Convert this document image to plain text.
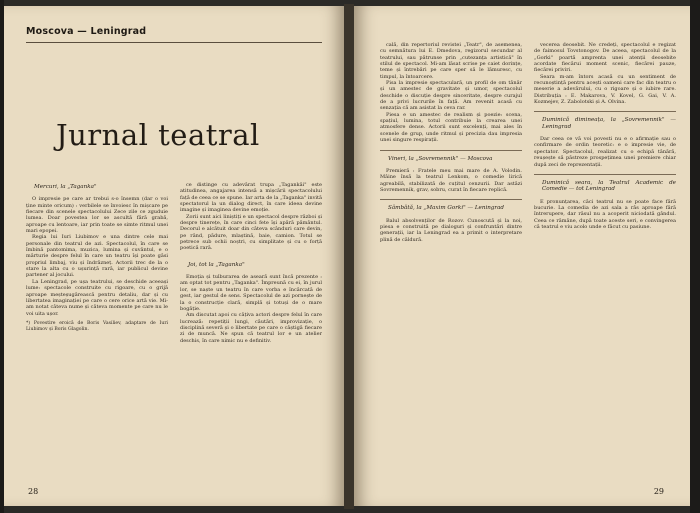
Moscova — Leningrad
Jurnal teatral
Mercuri, la „Taganka"

O impresie pe care ar trebui s-o însemn (dar o voi ține minte oricum) : verbilele se învoiesc în mișcare pe fiecare din scenele spectacolului Zece zile ce zguduie lumea. Doar povestea lor se ascultă fără grabă, aproape cu lentoare, iar prin toate se simte ritmul unei mari epopei.

Regia lui Iuri Liubimov e una dintre cele mai personale din teatrul de azi. Spectacolul, în care se îmbină pantomima, muzica, lumina și cuvântul, e o mărturie despre felul în care un teatru își poate găsi propriul limbaj, viu și îndrăzneț. Actorii trec de la o stare la alta cu o ușurință rară, iar publicul devine partener al jocului.

La Leningrad, pe ușa teatrului, se deschide aceeași lume: spectacole construite cu rigoare, cu o grijă aproape meșteșugărească pentru detaliu, dar și cu libertatea imaginației pe care o cere orice artă vie. Mi-am notat câteva nume și câteva momente pe care nu le voi uita ușor.

*) Povestire eroică de Boris Vasiliev, adaptare de Iuri Liubimov și Boris Glagolin.

ce distinge cu adevărat trupa „Tagankăi" este atitudinea, angajarea intensă a mișcării spectacolului față de ceea ce se spune. Iar arta de la „Taganka" invită spectatorul la un dialog direct, în care ideea devine imagine și imaginea devine emoție.

Zorii sunt aici liniștiți e un spectacol despre război și despre tinerețe, în care cinci fete își apără pământul. Decorul e alcătuit doar din câteva scânduri care devin, pe rând, pădure, mlaștină, baie, camion. Totul se petrece sub ochii noștri, cu simplitate și cu o forță poetică rară.

Joi, tot la „Taganka"

Emoția și tulburarea de aseară sunt încă prezente : am optat tot pentru „Taganka". Împreună cu ei, în jurul lor, se naște un teatru în care vorba e încărcată de gest, iar gestul de sens. Spectacolul de azi pornește de la o construcție clară, simplă și totuși de o mare bogăție.

Am discutat apoi cu câțiva actori despre felul în care lucrează: repetiții lungi, căutări, improvizație, o disciplină severă și o libertate pe care o câștigă fiecare zi de muncă. Ne spun că teatrul lor e un atelier deschis, în care nimic nu e definitiv.

28

cală, din repertoriul revistei „Teatr", de asemenea, cu semnătura lui E. Dmedova, regizorul secundar al teatrului, sau pătrunse prin „cutezanța artistică" în stilul de spectacol. Mi-am lăsat scrise pe caiet dorințe, teme și întrebări pe care sper să le lămuresc, cu timpul, la întoarcere.

Pisa la impresie spectaculară, un profil de om tânăr și un amestec de gravitate și umor, spectacolul deschide o discuție despre sinceritate, despre curajul de a privi lucrurile în față. Am revenit acasă cu senzația că am asistat la ceva rar.

Piesa e un amestec de realism și poezie: scena, spațiul, lumina, totul contribuie la crearea unei atmosfere dense. Actorii sunt excelenți, mai ales în scenele de grup, unde ritmul și precizia dau impresia unei singure respirații.

Vineri, la „Sovremennik" — Moscova

Premieră : Fratele meu mai mare de A. Volodin. Mâine însă la teatrul Lenkom, o comedie lirică agreabilă, stabilizată de cuțitul cenzurii. Dar astăzi Sovremennik, grav, sobru, curat în fiecare replică.

Sâmbătă, la „Maxim Gorki" — Leningrad

Balul absolvenților de Rozov. Cunoscută și la noi, piesa e construită pe dialoguri și confruntări dintre generații, iar la Leningrad ea a primit o interpretare plină de căldură.

vecerea deosebit. Ne credeți, spectacolul e regizat de faimosul Tovstonogov. De aceea, spectacolul de la „Gorki" poartă amprenta unei atenții deosebite acordate fiecărui moment scenic, fiecărei pauze, fiecărei priviri.

Seara m-am întors acasă cu un sentiment de recunoștință pentru acești oameni care fac din teatru o meserie a adevărului, cu o rigoare și o iubire rare. Distribuția : E. Makarova, V. Kovel, G. Gai, V. A. Kozmejev, Z. Zabolotski și A. Olvina.

Duminică dimineața, la „Sovremennik" — Leningrad

Dar ceea ce vă voi povesti nu e o afirmație sau o confirmare de ordin teoretic: e o impresie vie, de spectator. Spectacolul, realizat cu o echipă tânără, reușește să păstreze prospețimea unei premiere chiar după zeci de reprezentații.

Duminică seara, la Teatrul Academic de Comedie — tot Leningrad

E pronunțarea, căci teatrul nu se poate face fără bucurie. La comedia de azi sala a râs aproape fără întrerupere, dar râsul nu a acoperit niciodată gândul. Ceea ce rămâne, după toate aceste seri, e convingerea că teatrul e viu acolo unde e făcut cu pasiune.

29
